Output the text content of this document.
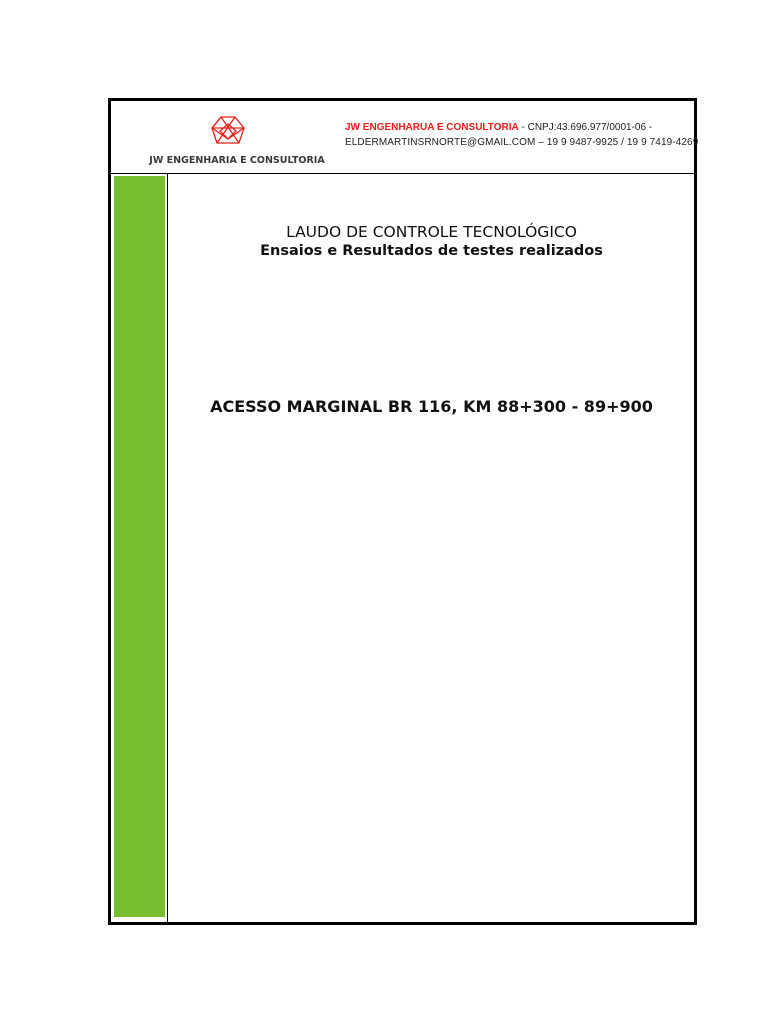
JW ENGENHARIA E CONSULTORIA
JW ENGENHARUA E CONSULTORIA - CNPJ:43.696.977/0001-06 -
ELDERMARTINSRNORTE@GMAIL.COM – 19 9 9487-9925 / 19 9 7419-4269
LAUDO DE CONTROLE TECNOLÓGICO
Ensaios e Resultados de testes realizados
ACESSO MARGINAL BR 116, KM 88+300 - 89+900
